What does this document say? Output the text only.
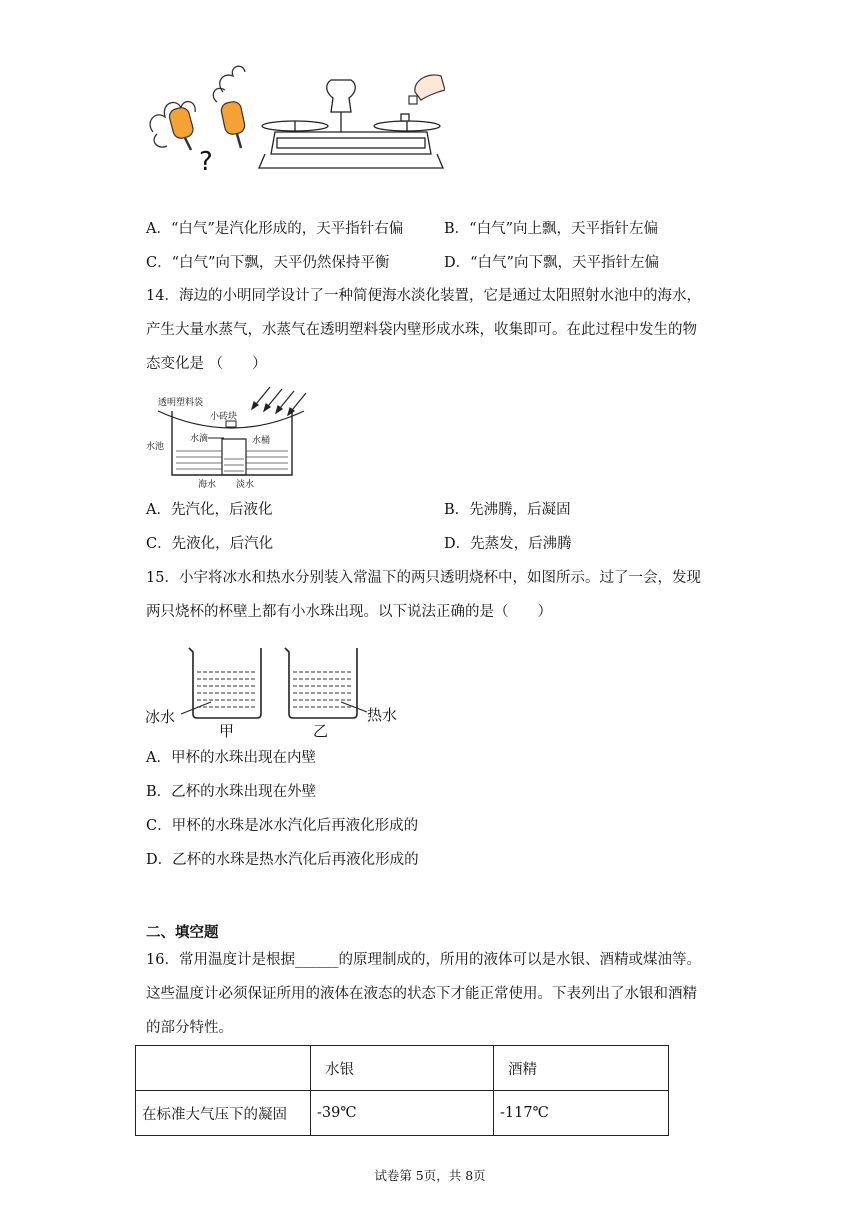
?
A．“白气”是汽化形成的，天平指针右偏	B．“白气”向上飘，天平指针左偏
C．“白气”向下飘，天平仍然保持平衡	D．“白气”向下飘，天平指针左偏
14．海边的小明同学设计了一种简便海水淡化装置，它是通过太阳照射水池中的海水，
产生大量水蒸气，水蒸气在透明塑料袋内壁形成水珠，收集即可。在此过程中发生的物
态变化是 （　　）
透明塑料袋
小砖块
水滴	水桶
水池
海水 淡水
A．先汽化，后液化	B．先沸腾，后凝固
C．先液化，后汽化	D．先蒸发，后沸腾
15．小宇将冰水和热水分别装入常温下的两只透明烧杯中，如图所示。过了一会，发现
两只烧杯的杯壁上都有小水珠出现。以下说法正确的是（　　）
冰水
甲	乙
热水
A．甲杯的水珠出现在内壁
B．乙杯的水珠出现在外壁
C．甲杯的水珠是冰水汽化后再液化形成的
D．乙杯的水珠是热水汽化后再液化形成的
二、填空题
16．常用温度计是根据______的原理制成的，所用的液体可以是水银、酒精或煤油等。
这些温度计必须保证所用的液体在液态的状态下才能正常使用。下表列出了水银和酒精
的部分特性。
	水银	酒精
在标准大气压下的凝固	-39℃	-117℃
试卷第 5页，共 8页
